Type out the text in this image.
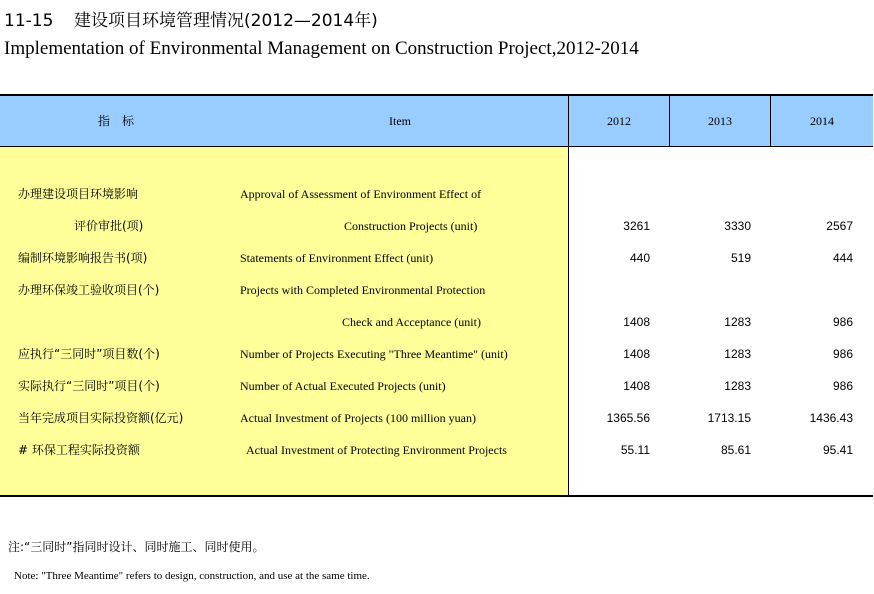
11-15 建设项目环境管理情况(2012—2014年)
Implementation of Environmental Management on Construction Project,2012-2014
指　标	Item	2012	2013	2014
办理建设项目环境影响	Approval of Assessment of Environment Effect of
评价审批(项)	Construction Projects (unit)	3261	3330	2567
编制环境影响报告书(项)	Statements of Environment Effect (unit)	440	519	444
办理环保竣工验收项目(个)	Projects with Completed Environmental Protection
Check and Acceptance (unit)	1408	1283	986
应执行“三同时”项目数(个)	Number of Projects Executing "Three Meantime" (unit)	1408	1283	986
实际执行“三同时”项目(个)	Number of Actual Executed Projects (unit)	1408	1283	986
当年完成项目实际投资额(亿元)	Actual Investment of Projects (100 million yuan)	1365.56	1713.15	1436.43
# 环保工程实际投资额	Actual Investment of Protecting Environment Projects	55.11	85.61	95.41
注:“三同时”指同时设计、同时施工、同时使用。
Note: "Three Meantime" refers to design, construction, and use at the same time.
